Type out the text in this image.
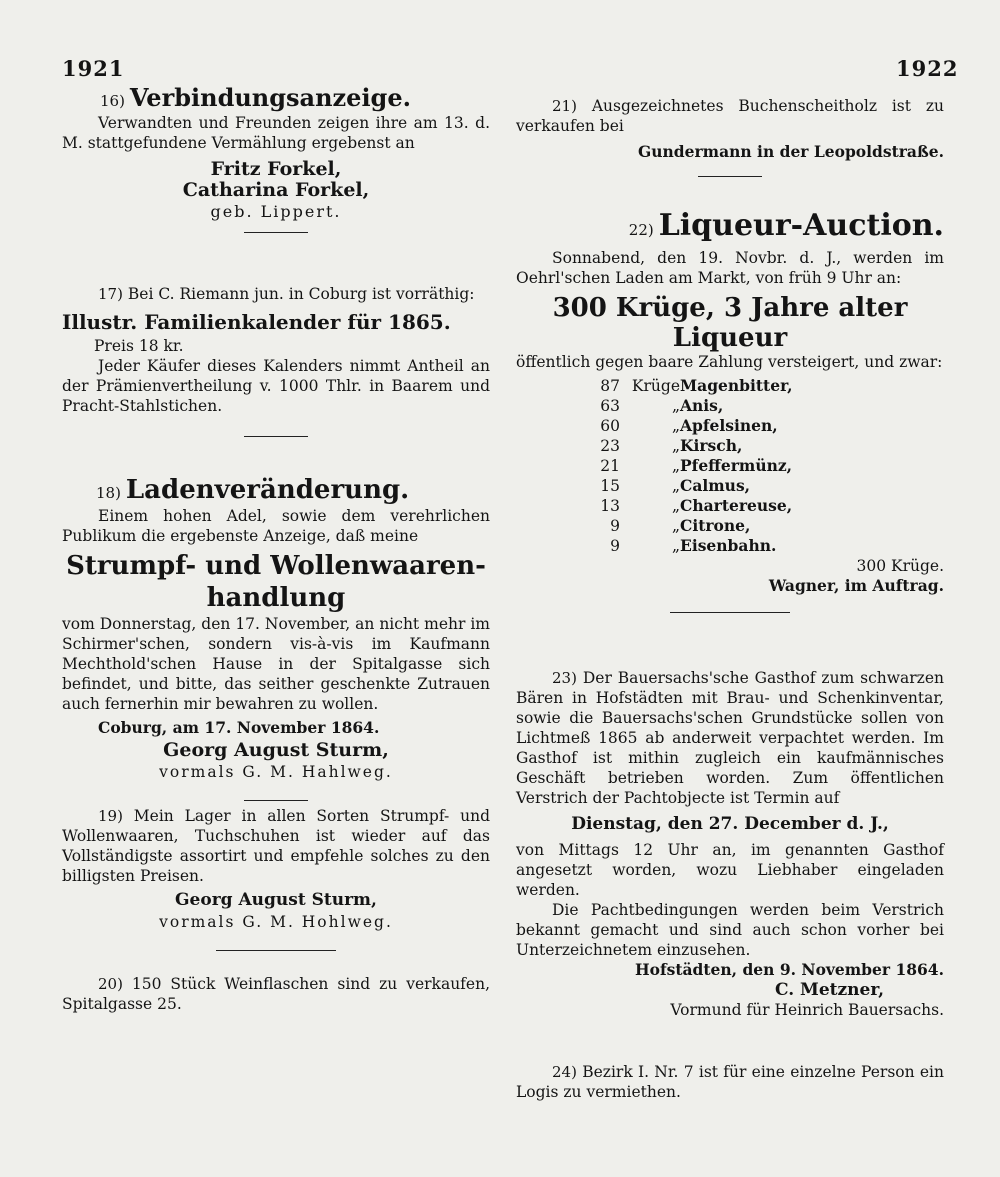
1921	1922

16) Verbindungsanzeige.

Verwandten und Freunden zeigen ihre am 13. d. M. stattgefundene Vermählung ergebenst an

Fritz Forkel,
Catharina Forkel,
geb. Lippert.

17) Bei C. Riemann jun. in Coburg ist vorräthig:

Illustr. Familienkalender für 1865.

Preis 18 kr.

Jeder Käufer dieses Kalenders nimmt Antheil an der Prämienvertheilung v. 1000 Thlr. in Baarem und Pracht-Stahlstichen.

18) Ladenveränderung.

Einem hohen Adel, sowie dem verehrlichen Publikum die ergebenste Anzeige, daß meine

Strumpf- und Wollenwaaren-

handlung

vom Donnerstag, den 17. November, an nicht mehr im Schirmer'schen, sondern vis-à-vis im Kaufmann Mechthold'schen Hause in der Spitalgasse sich befindet, und bitte, das seither geschenkte Zutrauen auch fernerhin mir bewahren zu wollen.

Coburg, am 17. November 1864.

Georg August Sturm,

vormals G. M. Hahlweg.

19) Mein Lager in allen Sorten Strumpf- und Wollenwaaren, Tuchschuhen ist wieder auf das Vollständigste assortirt und empfehle solches zu den billigsten Preisen.

Georg August Sturm,

vormals G. M. Hohlweg.

20) 150 Stück Weinflaschen sind zu verkaufen, Spitalgasse 25.

21) Ausgezeichnetes Buchenscheitholz ist zu verkaufen bei

Gundermann in der Leopoldstraße.

22) Liqueur-Auction.

Sonnabend, den 19. Novbr. d. J., werden im Oehrl'schen Laden am Markt, von früh 9 Uhr an:

300 Krüge, 3 Jahre alter

Liqueur

öffentlich gegen baare Zahlung versteigert, und zwar:

87 Krüge Magenbitter,
63	„ Anis,
60	„ Apfelsinen,
23	„ Kirsch,
21	„ Pfeffermünz,
15	„ Calmus,
13	„ Chartereuse,
9	„ Citrone,
9	„ Eisenbahn.

300 Krüge.

Wagner, im Auftrag.

23) Der Bauersachs'sche Gasthof zum schwarzen Bären in Hofstädten mit Brau- und Schenkinventar, sowie die Bauersachs'schen Grundstücke sollen von Lichtmeß 1865 ab anderweit verpachtet werden. Im Gasthof ist mithin zugleich ein kaufmännisches Geschäft betrieben worden. Zum öffentlichen Verstrich der Pachtobjecte ist Termin auf

Dienstag, den 27. December d. J.,

von Mittags 12 Uhr an, im genannten Gasthof angesetzt worden, wozu Liebhaber eingeladen werden.

Die Pachtbedingungen werden beim Verstrich bekannt gemacht und sind auch schon vorher bei Unterzeichnetem einzusehen.

Hofstädten, den 9. November 1864.

C. Metzner,

Vormund für Heinrich Bauersachs.

24) Bezirk I. Nr. 7 ist für eine einzelne Person ein Logis zu vermiethen.
